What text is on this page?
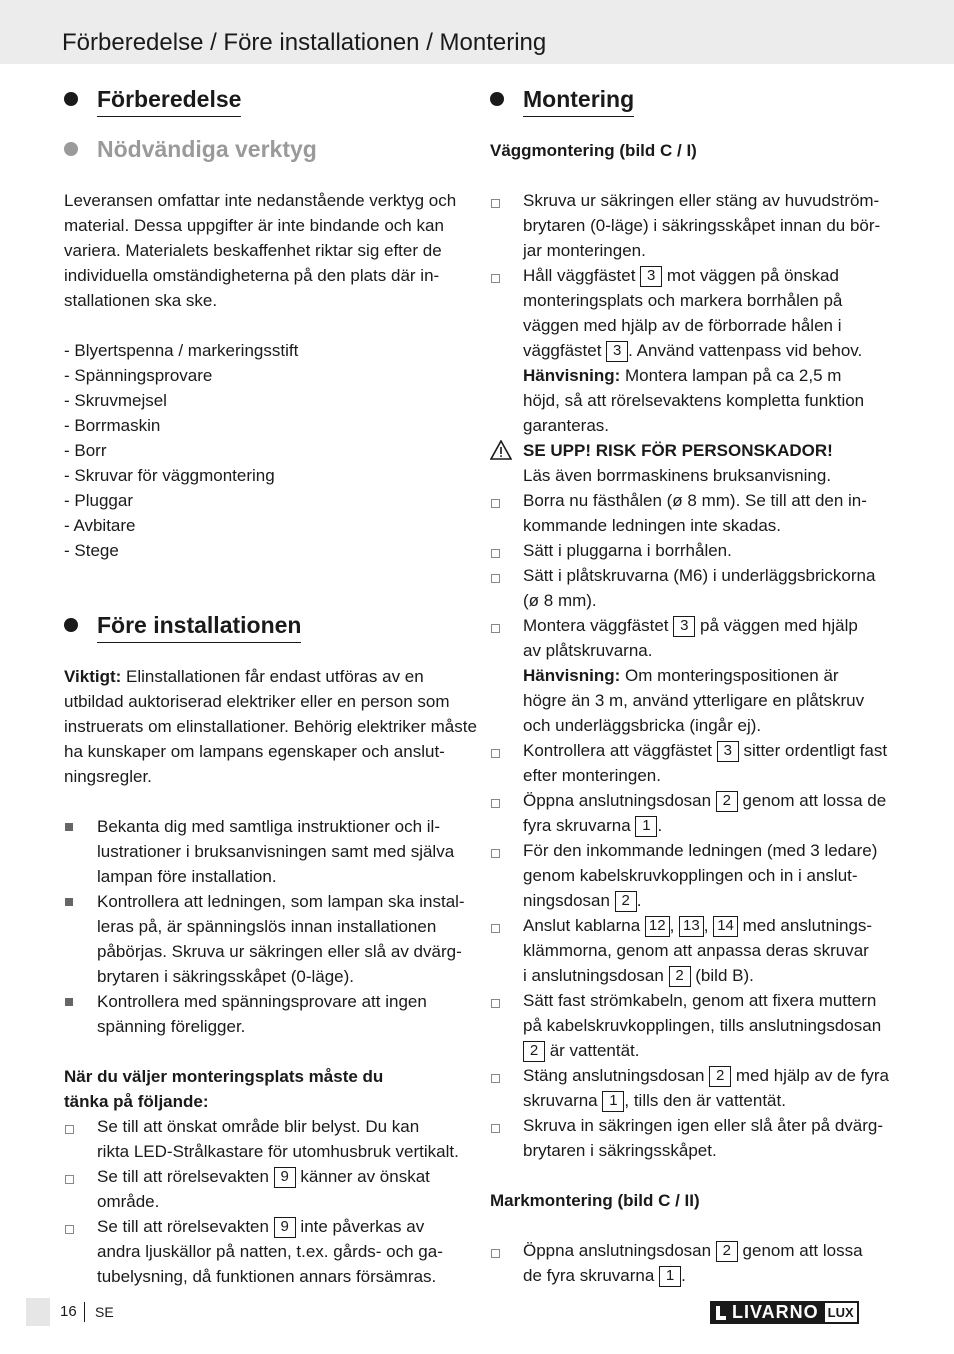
Förberedelse / Före installationen / Montering
Förberedelse
Nödvändiga verktyg
Leveransen omfattar inte nedanstående verktyg och
material. Dessa uppgifter är inte bindande och kan
variera. Materialets beskaffenhet riktar sig efter de
individuella omständigheterna på den plats där in-
stallationen ska ske.
- Blyertspenna / markeringsstift
- Spänningsprovare
- Skruvmejsel
- Borrmaskin
- Borr
- Skruvar för väggmontering
- Pluggar
- Avbitare
- Stege
Före installationen
Viktigt: Elinstallationen får endast utföras av en
utbildad auktoriserad elektriker eller en person som
instruerats om elinstallationer. Behörig elektriker måste
ha kunskaper om lampans egenskaper och anslut-
ningsregler.
Bekanta dig med samtliga instruktioner och il-
lustrationer i bruksanvisningen samt med själva
lampan före installation.
Kontrollera att ledningen, som lampan ska instal-
leras på, är spänningslös innan installationen
påbörjas. Skruva ur säkringen eller slå av dvärg-
brytaren i säkringsskåpet (0-läge).
Kontrollera med spänningsprovare att ingen
spänning föreligger.
När du väljer monteringsplats måste du
tänka på följande:
Se till att önskat område blir belyst. Du kan
rikta LED-Strålkastare för utomhusbruk vertikalt.
Se till att rörelsevakten 9 känner av önskat
område.
Se till att rörelsevakten 9 inte påverkas av
andra ljuskällor på natten, t.ex. gårds- och ga-
tubelysning, då funktionen annars försämras.
Montering
Väggmontering (bild C / I)
Skruva ur säkringen eller stäng av huvudström-
brytaren (0-läge) i säkringsskåpet innan du bör-
jar monteringen.
Håll väggfästet 3 mot väggen på önskad
monteringsplats och markera borrhålen på
väggen med hjälp av de förborrade hålen i
väggfästet 3 . Använd vattenpass vid behov.
Hänvisning: Montera lampan på ca 2,5 m
höjd, så att rörelsevaktens kompletta funktion
garanteras.
SE UPP! RISK FÖR PERSONSKADOR!
Läs även borrmaskinens bruksanvisning.
Borra nu fästhålen (ø 8 mm). Se till att den in-
kommande ledningen inte skadas.
Sätt i pluggarna i borrhålen.
Sätt i plåtskruvarna (M6) i underläggsbrickorna
(ø 8 mm).
Montera väggfästet 3 på väggen med hjälp
av plåtskruvarna.
Hänvisning: Om monteringspositionen är
högre än 3 m, använd ytterligare en plåtskruv
och underläggsbricka (ingår ej).
Kontrollera att väggfästet 3 sitter ordentligt fast
efter monteringen.
Öppna anslutningsdosan 2 genom att lossa de
fyra skruvarna 1 .
För den inkommande ledningen (med 3 ledare)
genom kabelskruvkopplingen och in i anslut-
ningsdosan 2 .
Anslut kablarna 12 , 13 , 14 med anslutnings-
klämmorna, genom att anpassa deras skruvar
i anslutningsdosan 2 (bild B).
Sätt fast strömkabeln, genom att fixera muttern
på kabelskruvkopplingen, tills anslutningsdosan
2 är vattentät.
Stäng anslutningsdosan 2 med hjälp av de fyra
skruvarna 1 , tills den är vattentät.
Skruva in säkringen igen eller slå åter på dvärg-
brytaren i säkringsskåpet.
Markmontering (bild C / II)
Öppna anslutningsdosan 2 genom att lossa
de fyra skruvarna 1 .
16 SE	LIVARNO LUX
